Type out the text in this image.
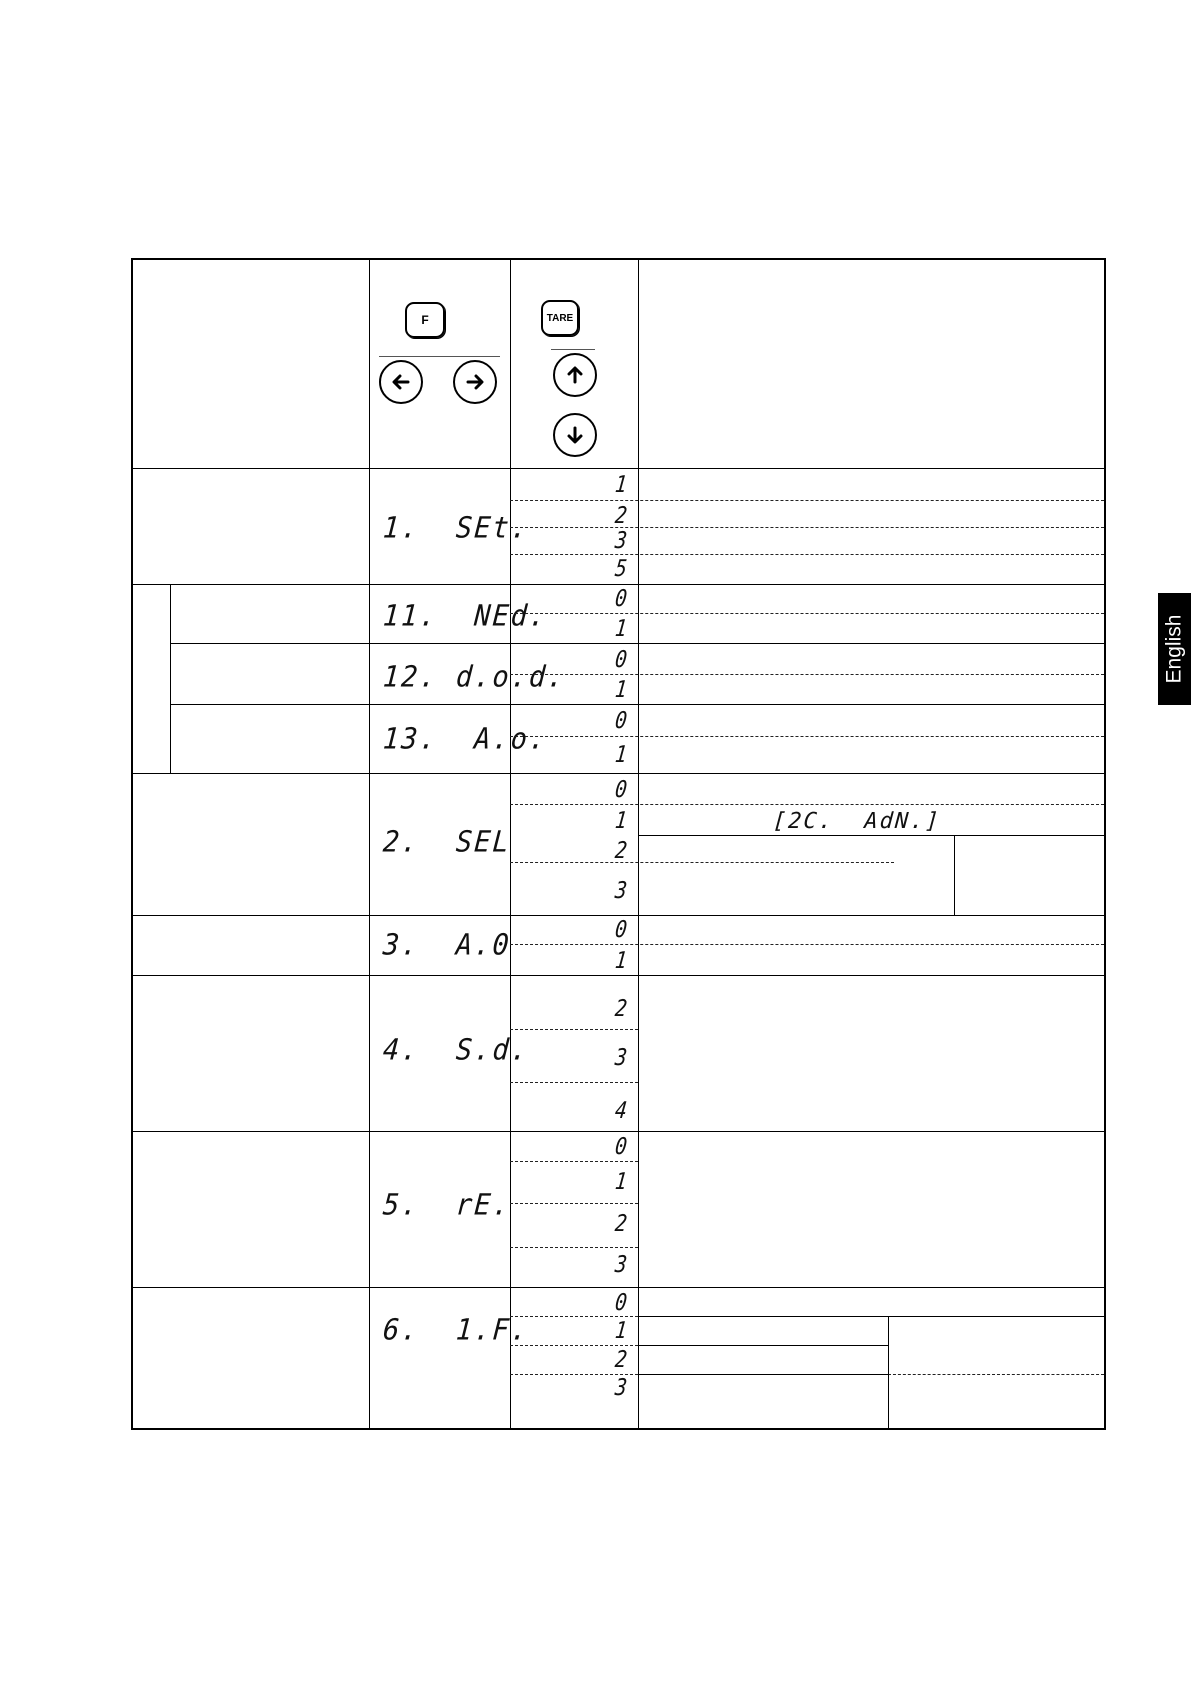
F	TARE
1.  SEt.
1
2
3
5
11.  NEd.
0
1
12. d.o.d.
0
1
13.  A.o.
0
1
2.  SEL
0
1
2
3
[2C.  AdN.]
3.  A.0	0
1
4.  S.d.
2
3
4
5.  rE.
0
1
2
3
6.  1.F.
0
1
2
3
English
